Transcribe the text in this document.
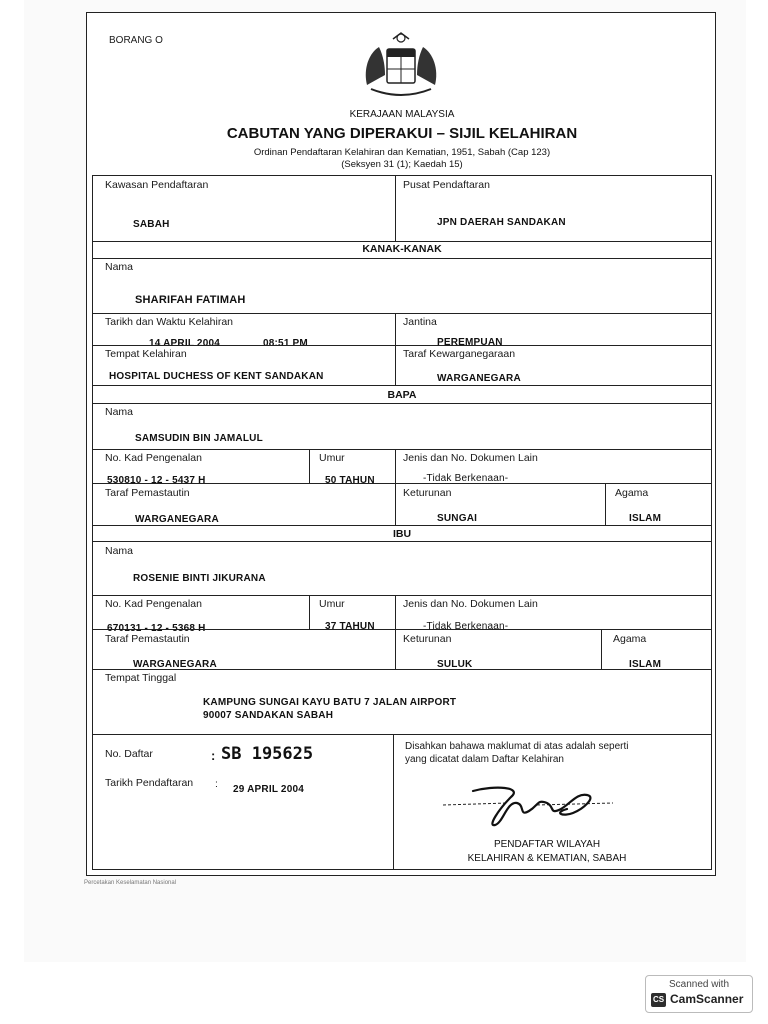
BORANG O
KERAJAAN MALAYSIA
CABUTAN YANG DIPERAKUI – SIJIL KELAHIRAN
Ordinan Pendaftaran Kelahiran dan Kematian, 1951, Sabah (Cap 123)
(Seksyen 31 (1); Kaedah 15)
Kawasan Pendaftaran
SABAH
Pusat Pendaftaran
JPN DAERAH SANDAKAN
KANAK-KANAK
Nama
SHARIFAH FATIMAH
Tarikh dan Waktu Kelahiran
14 APRIL 2004	08:51 PM
Jantina
PEREMPUAN
Tempat Kelahiran
HOSPITAL DUCHESS OF KENT SANDAKAN
Taraf Kewarganegaraan
WARGANEGARA
BAPA
Nama
SAMSUDIN BIN JAMALUL
No. Kad Pengenalan
530810 - 12 - 5437 H
Umur
50 TAHUN
Jenis dan No. Dokumen Lain
-Tidak Berkenaan-
Taraf Pemastautin
WARGANEGARA
Keturunan
SUNGAI
Agama
ISLAM
IBU
Nama
ROSENIE BINTI JIKURANA
No. Kad Pengenalan
670131 - 12 - 5368 H
Umur
37 TAHUN
Jenis dan No. Dokumen Lain
-Tidak Berkenaan-
Taraf Pemastautin
WARGANEGARA
Keturunan
SULUK
Agama
ISLAM
Tempat Tinggal
KAMPUNG SUNGAI KAYU BATU 7 JALAN AIRPORT
90007 SANDAKAN SABAH
No. Daftar	: SB 195625
Tarikh Pendaftaran : 29 APRIL 2004
Disahkan bahawa maklumat di atas adalah seperti
yang dicatat dalam Daftar Kelahiran
PENDAFTAR WILAYAH
KELAHIRAN & KEMATIAN, SABAH
Percetakan Keselamatan Nasional
Scanned with
CS CamScanner
